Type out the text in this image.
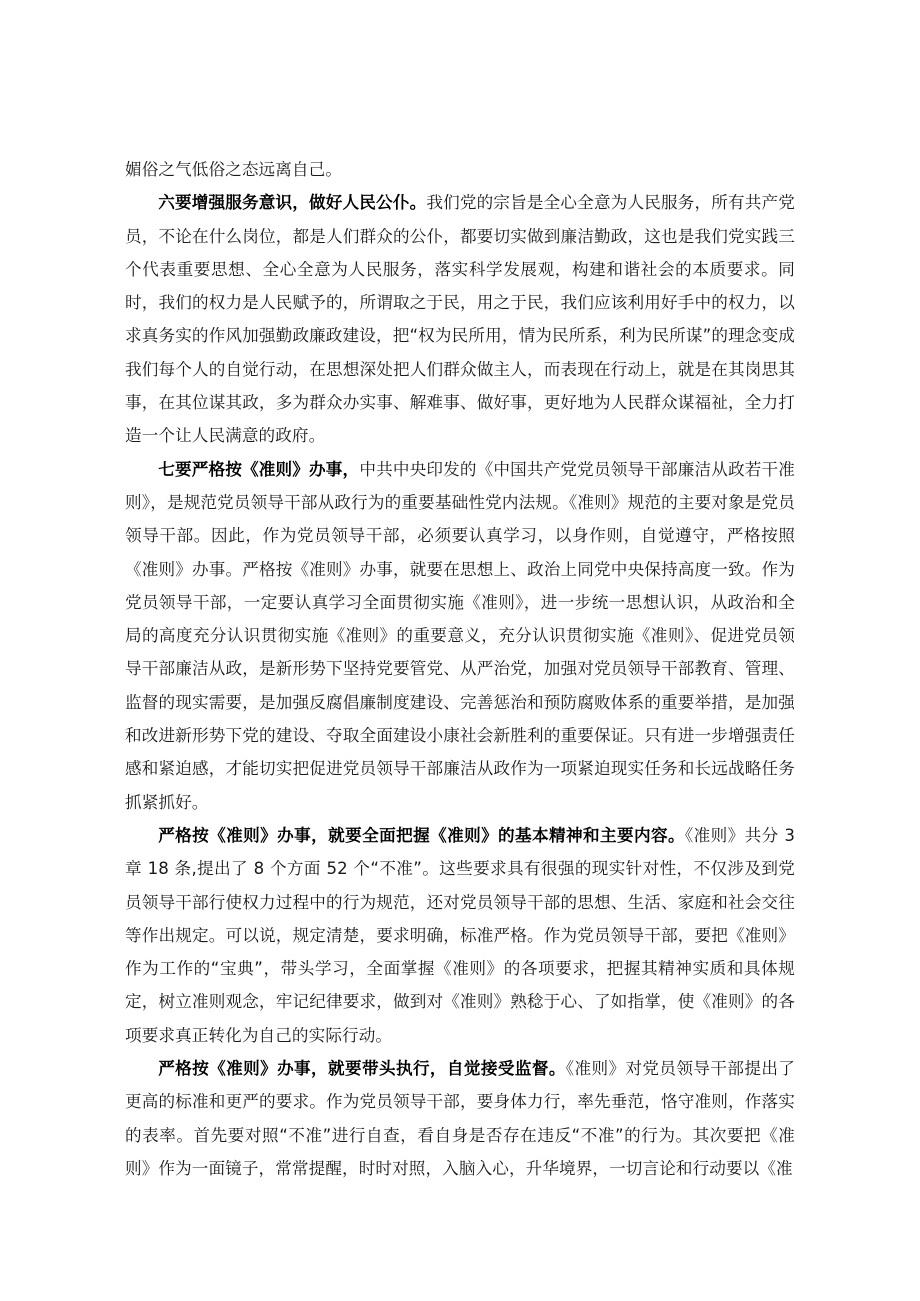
媚俗之气低俗之态远离自己。

六要增强服务意识，做好人民公仆。我们党的宗旨是全心全意为人民服务，所有共产党员，不论在什么岗位，都是人们群众的公仆，都要切实做到廉洁勤政，这也是我们党实践三个代表重要思想、全心全意为人民服务，落实科学发展观，构建和谐社会的本质要求。同时，我们的权力是人民赋予的，所谓取之于民，用之于民，我们应该利用好手中的权力，以求真务实的作风加强勤政廉政建设，把“权为民所用，情为民所系，利为民所谋”的理念变成我们每个人的自觉行动，在思想深处把人们群众做主人，而表现在行动上，就是在其岗思其事，在其位谋其政，多为群众办实事、解难事、做好事，更好地为人民群众谋福祉，全力打造一个让人民满意的政府。

七要严格按《准则》办事，中共中央印发的《中国共产党党员领导干部廉洁从政若干准则》，是规范党员领导干部从政行为的重要基础性党内法规。《准则》规范的主要对象是党员领导干部。因此，作为党员领导干部，必须要认真学习，以身作则，自觉遵守，严格按照《准则》办事。严格按《准则》办事，就要在思想上、政治上同党中央保持高度一致。作为党员领导干部，一定要认真学习全面贯彻实施《准则》，进一步统一思想认识，从政治和全局的高度充分认识贯彻实施《准则》的重要意义，充分认识贯彻实施《准则》、促进党员领导干部廉洁从政，是新形势下坚持党要管党、从严治党，加强对党员领导干部教育、管理、监督的现实需要，是加强反腐倡廉制度建设、完善惩治和预防腐败体系的重要举措，是加强和改进新形势下党的建设、夺取全面建设小康社会新胜利的重要保证。只有进一步增强责任感和紧迫感，才能切实把促进党员领导干部廉洁从政作为一项紧迫现实任务和长远战略任务抓紧抓好。

严格按《准则》办事，就要全面把握《准则》的基本精神和主要内容。《准则》共分 3 章 18 条,提出了 8 个方面 52 个“不准”。这些要求具有很强的现实针对性，不仅涉及到党员领导干部行使权力过程中的行为规范，还对党员领导干部的思想、生活、家庭和社会交往等作出规定。可以说，规定清楚，要求明确，标准严格。作为党员领导干部，要把《准则》作为工作的“宝典”，带头学习，全面掌握《准则》的各项要求，把握其精神实质和具体规定，树立准则观念，牢记纪律要求，做到对《准则》熟稔于心、了如指掌，使《准则》的各项要求真正转化为自己的实际行动。

严格按《准则》办事，就要带头执行，自觉接受监督。《准则》对党员领导干部提出了更高的标准和更严的要求。作为党员领导干部，要身体力行，率先垂范，恪守准则，作落实的表率。首先要对照“不准”进行自查，看自身是否存在违反“不准”的行为。其次要把《准则》作为一面镜子，常常提醒，时时对照，入脑入心，升华境界，一切言论和行动要以《准
